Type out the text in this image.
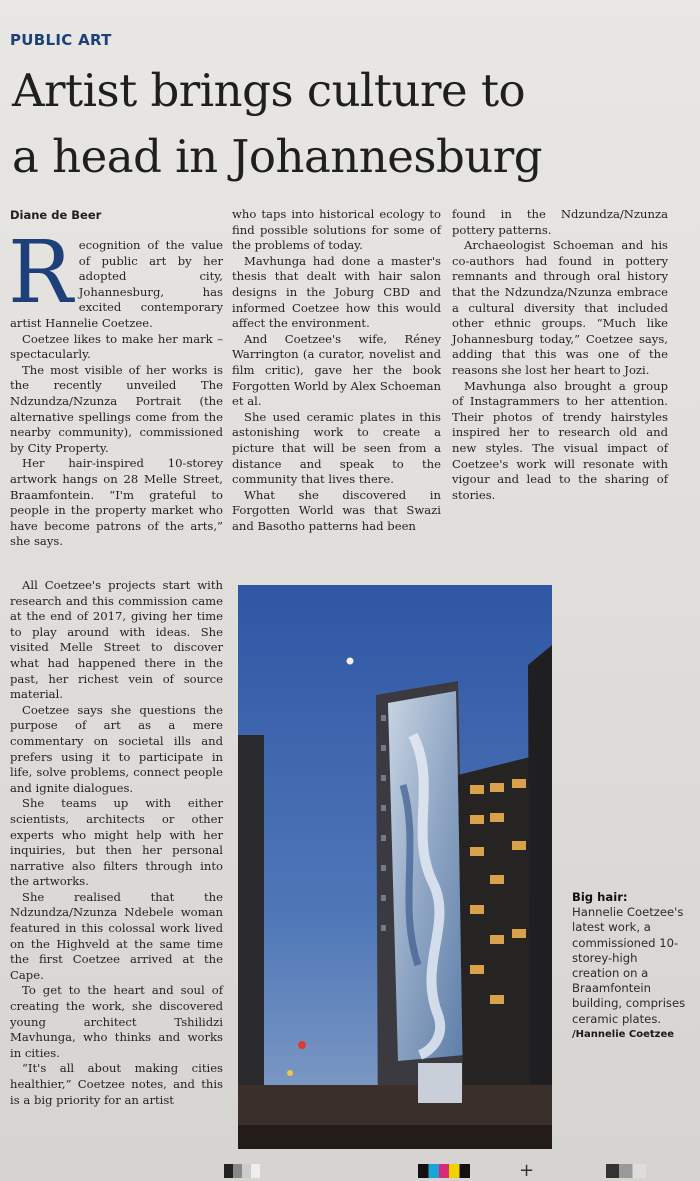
PUBLIC ART
Artist brings culture to
a head in Johannesburg
Diane de Beer

Recognition of the value of public art by her adopted city, Johannesburg, has excited contemporary artist Hannelie Coetzee.

Coetzee likes to make her mark – spectacularly.

The most visible of her works is the recently unveiled The Ndzundza/Nzunza Portrait (the alternative spellings come from the nearby community), commissioned by City Property.

Her hair-inspired 10-storey artwork hangs on 28 Melle Street, Braamfontein. “I'm grateful to people in the property market who have become patrons of the arts,” she says.

All Coetzee's projects start with research and this commission came at the end of 2017, giving her time to play around with ideas. She visited Melle Street to discover what had happened there in the past, her richest vein of source material.

Coetzee says she questions the purpose of art as a mere commentary on societal ills and prefers using it to participate in life, solve problems, connect people and ignite dialogues.

She teams up with either scientists, architects or other experts who might help with her inquiries, but then her personal narrative also filters through into the artworks.

She realised that the Ndzundza/Nzunza Ndebele woman featured in this colossal work lived on the Highveld at the same time the first Coetzee arrived at the Cape.

To get to the heart and soul of creating the work, she discovered young architect Tshilidzi Mavhunga, who thinks and works in cities.

“It's all about making cities healthier,” Coetzee notes, and this is a big priority for an artist

who taps into historical ecology to find possible solutions for some of the problems of today.

Mavhunga had done a master's thesis that dealt with hair salon designs in the Joburg CBD and informed Coetzee how this would affect the environment.

And Coetzee's wife, Réney Warrington (a curator, novelist and film critic), gave her the book Forgotten World by Alex Schoeman et al.

She used ceramic plates in this astonishing work to create a picture that will be seen from a distance and speak to the community that lives there.

What she discovered in Forgotten World was that Swazi and Basotho patterns had been

found in the Ndzundza/Nzunza pottery patterns.

Archaeologist Schoeman and his co-authors had found in pottery remnants and through oral history that the Ndzundza/Nzunza embrace a cultural diversity that included other ethnic groups. “Much like Johannesburg today,” Coetzee says, adding that this was one of the reasons she lost her heart to Jozi.

Mavhunga also brought a group of Instagrammers to her attention. Their photos of trendy hairstyles inspired her to research old and new styles. The visual impact of Coetzee's work will resonate with vigour and lead to the sharing of stories.

Big hair:
Hannelie Coetzee's latest work, a commissioned 10-storey-high creation on a Braamfontein building, comprises ceramic plates.
/Hannelie Coetzee
+
